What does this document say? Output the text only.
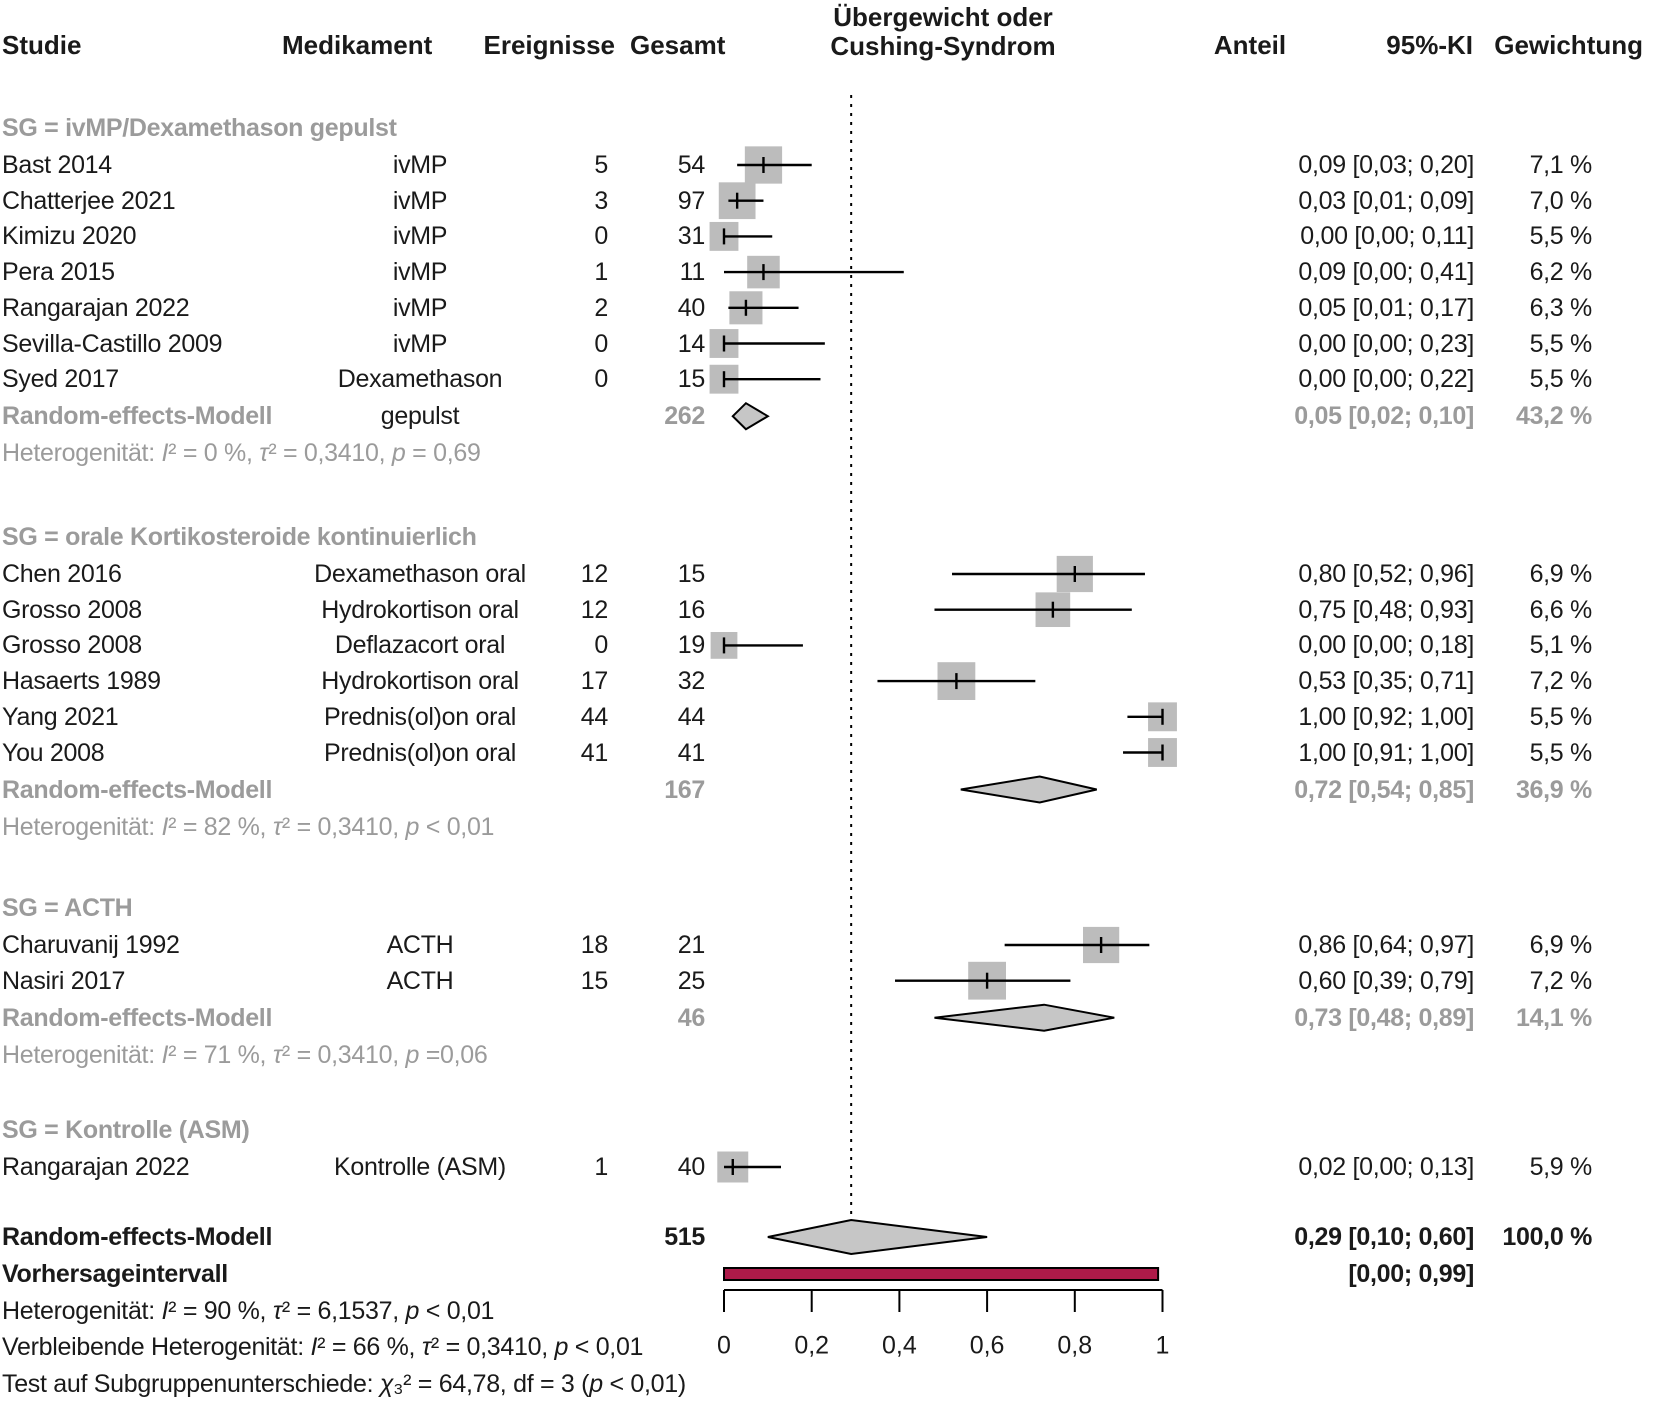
Studie	Medikament	Ereignisse Gesamt
Übergewicht oder
Cushing-Syndrom	Anteil	95%-KI Gewichtung
0	0,2 0,4 0,6 0,8	1
SG = ivMP/Dexamethason gepulst
Bast 2014	ivMP	5	54	0,09 [0,03; 0,20]	7,1 %
Chatterjee 2021	ivMP	3	97	0,03 [0,01; 0,09]	7,0 %
Kimizu 2020	ivMP	0	31	0,00 [0,00; 0,11]	5,5 %
Pera 2015	ivMP	1	11	0,09 [0,00; 0,41]	6,2 %
Rangarajan 2022	ivMP	2	40	0,05 [0,01; 0,17]	6,3 %
Sevilla-Castillo 2009	ivMP	0	14	0,00 [0,00; 0,23]	5,5 %
Syed 2017	Dexamethason	0	15	0,00 [0,00; 0,22]	5,5 %
Random-effects-Modell	gepulst	262	0,05 [0,02; 0,10]	43,2 %
Heterogenität: I² = 0 %, τ² = 0,3410, p = 0,69
SG = orale Kortikosteroide kontinuierlich
Chen 2016	Dexamethason oral	12	15	0,80 [0,52; 0,96]	6,9 %
Grosso 2008	Hydrokortison oral	12	16	0,75 [0,48; 0,93]	6,6 %
Grosso 2008	Deflazacort oral	0	19	0,00 [0,00; 0,18]	5,1 %
Hasaerts 1989	Hydrokortison oral	17	32	0,53 [0,35; 0,71]	7,2 %
Yang 2021	Prednis(ol)on oral	44	44	1,00 [0,92; 1,00]	5,5 %
You 2008	Prednis(ol)on oral	41	41	1,00 [0,91; 1,00]	5,5 %
Random-effects-Modell	167	0,72 [0,54; 0,85]	36,9 %
Heterogenität: I² = 82 %, τ² = 0,3410, p < 0,01
SG = ACTH
Charuvanij 1992	ACTH	18	21	0,86 [0,64; 0,97]	6,9 %
Nasiri 2017	ACTH	15	25	0,60 [0,39; 0,79]	7,2 %
Random-effects-Modell	46	0,73 [0,48; 0,89]	14,1 %
Heterogenität: I² = 71 %, τ² = 0,3410, p =0,06
SG = Kontrolle (ASM)
Rangarajan 2022	Kontrolle (ASM)	1	40	0,02 [0,00; 0,13]	5,9 %
Random-effects-Modell	515	0,29 [0,10; 0,60]	100,0 %
Vorhersageintervall	[0,00; 0,99]
Heterogenität: I² = 90 %, τ² = 6,1537, p < 0,01
Verbleibende Heterogenität: I² = 66 %, τ² = 0,3410, p < 0,01
Test auf Subgruppenunterschiede: χ₃² = 64,78, df = 3 (p < 0,01)
